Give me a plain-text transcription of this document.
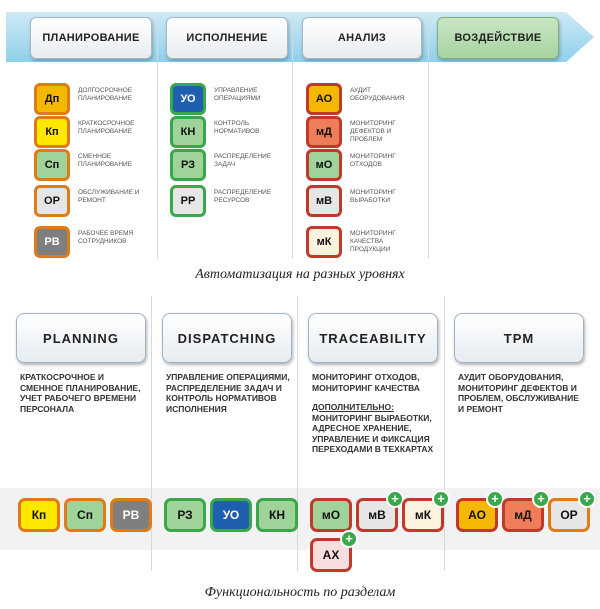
ПЛАНИРОВАНИЕ	ИСПОЛНЕНИЕ	АНАЛИЗ	ВОЗДЕЙСТВИЕ
Дп
ДОЛГОСРОЧНОЕ ПЛАНИРОВАНИЕ
Кп
КРАТКОСРОЧНОЕ ПЛАНИРОВАНИЕ
Сп
СМЕННОЕ ПЛАНИРОВАНИЕ
ОР
ОБСЛУЖИВАНИЕ И РЕМОНТ
РВ
РАБОЧЕЕ ВРЕМЯ СОТРУДНИКОВ
УО
УПРАВЛЕНИЕ ОПЕРАЦИЯМИ
КН
КОНТРОЛЬ НОРМАТИВОВ
РЗ
РАСПРЕДЕЛЕНИЕ ЗАДАЧ
РР
РАСПРЕДЕЛЕНИЕ РЕСУРСОВ
АО
АУДИТ ОБОРУДОВАНИЯ
мД
МОНИТОРИНГ ДЕФЕКТОВ И ПРОБЛЕМ
мО
МОНИТОРИНГ ОТХОДОВ
мВ
МОНИТОРИНГ ВЫРАБОТКИ
мК
МОНИТОРИНГ КАЧЕСТВА ПРОДУКЦИИ
Автоматизация на разных уровнях
PLANNING	DISPATCHING	TRACEABILITY	TPM
КРАТКОСРОЧНОЕ И
СМЕННОЕ ПЛАНИРОВАНИЕ,
УЧЕТ РАБОЧЕГО ВРЕМЕНИ
ПЕРСОНАЛА
УПРАВЛЕНИЕ ОПЕРАЦИЯМИ,
РАСПРЕДЕЛЕНИЕ ЗАДАЧ И
КОНТРОЛЬ НОРМАТИВОВ
ИСПОЛНЕНИЯ
МОНИТОРИНГ ОТХОДОВ,
МОНИТОРИНГ КАЧЕСТВА
ДОПОЛНИТЕЛЬНО:
МОНИТОРИНГ ВЫРАБОТКИ,
АДРЕСНОЕ ХРАНЕНИЕ,
УПРАВЛЕНИЕ И ФИКСАЦИЯ
ПЕРЕХОДАМИ В ТЕХКАРТАХ
АУДИТ ОБОРУДОВАНИЯ,
МОНИТОРИНГ ДЕФЕКТОВ И
ПРОБЛЕМ, ОБСЛУЖИВАНИЕ
И РЕМОНТ
Кп	Сп	РВ	РЗ	УО	КН	мО	мВ
+
мК
+
АХ
+
АО
+
мД
+
ОР
+
Функциональность по разделам
